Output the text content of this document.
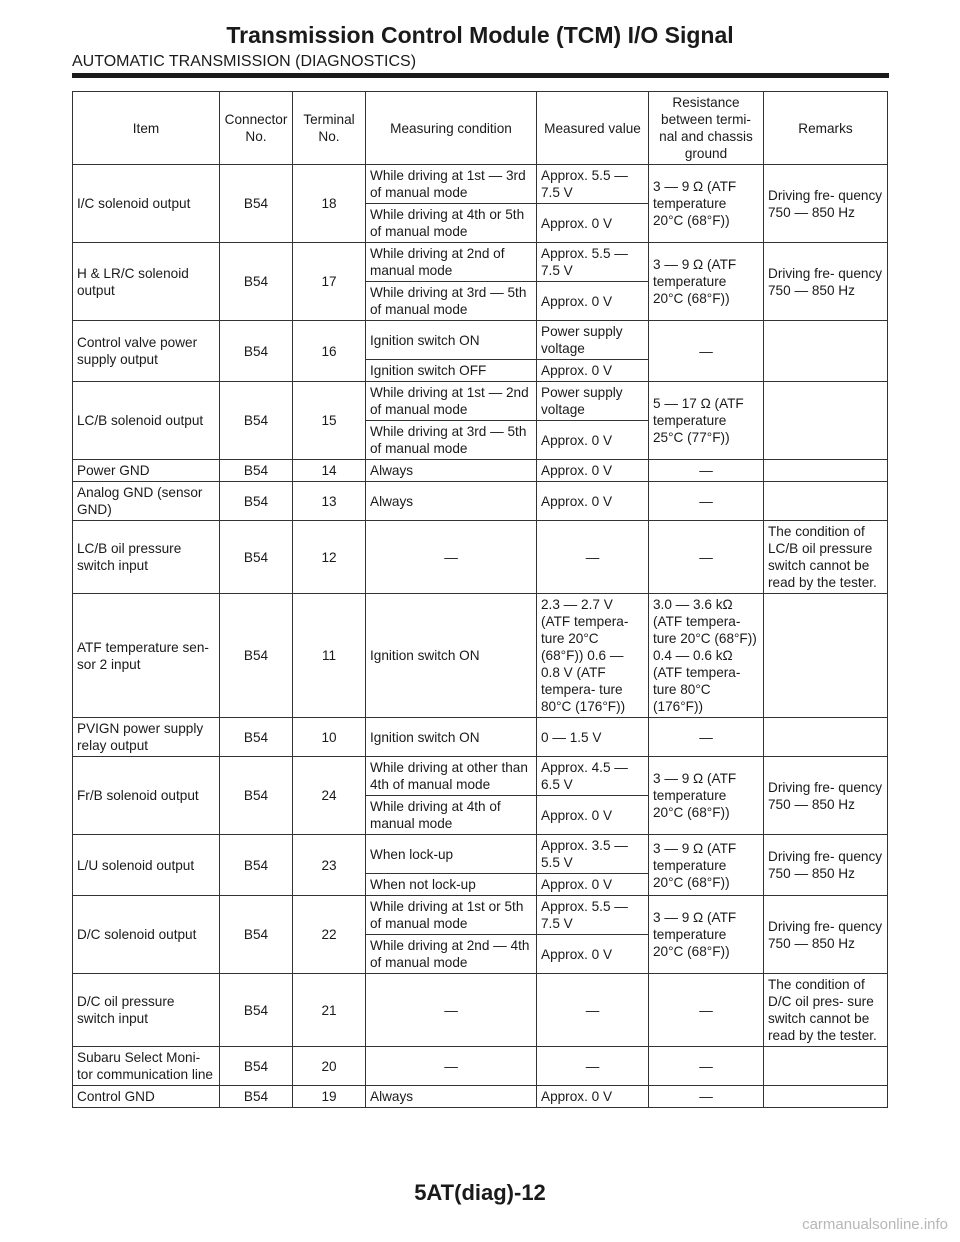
Transmission Control Module (TCM) I/O Signal
AUTOMATIC TRANSMISSION (DIAGNOSTICS)
Item	Connector No.	Terminal No.	Measuring condition	Measured value	Resistance between termi- nal and chassis ground	Remarks
I/C solenoid output	B54	18	While driving at 1st — 3rd of manual mode	Approx. 5.5 — 7.5 V	3 — 9 Ω (ATF temperature 20°C (68°F))	Driving fre- quency 750 — 850 Hz
			While driving at 4th or 5th of manual mode	Approx. 0 V		
H & LR/C solenoid output	B54	17	While driving at 2nd of manual mode	Approx. 5.5 — 7.5 V	3 — 9 Ω (ATF temperature 20°C (68°F))	Driving fre- quency 750 — 850 Hz
			While driving at 3rd — 5th of manual mode	Approx. 0 V		
Control valve power supply output	B54	16	Ignition switch ON	Power supply voltage	—	
			Ignition switch OFF	Approx. 0 V		
LC/B solenoid output	B54	15	While driving at 1st — 2nd of manual mode	Power supply voltage	5 — 17 Ω (ATF temperature 25°C (77°F))	
			While driving at 3rd — 5th of manual mode	Approx. 0 V		
Power GND	B54	14	Always	Approx. 0 V	—	
Analog GND (sensor GND)	B54	13	Always	Approx. 0 V	—	
LC/B oil pressure switch input	B54	12	—	—	—	The condition of LC/B oil pressure switch cannot be read by the tester.
ATF temperature sen- sor 2 input	B54	11	Ignition switch ON	2.3 — 2.7 V (ATF tempera- ture 20°C (68°F)) 0.6 — 0.8 V (ATF tempera- ture 80°C (176°F))	3.0 — 3.6 kΩ (ATF tempera- ture 20°C (68°F)) 0.4 — 0.6 kΩ (ATF tempera- ture 80°C (176°F))	
PVIGN power supply relay output	B54	10	Ignition switch ON	0 — 1.5 V	—	
Fr/B solenoid output	B54	24	While driving at other than 4th of manual mode	Approx. 4.5 — 6.5 V	3 — 9 Ω (ATF temperature 20°C (68°F))	Driving fre- quency 750 — 850 Hz
			While driving at 4th of manual mode	Approx. 0 V		
L/U solenoid output	B54	23	When lock-up	Approx. 3.5 — 5.5 V	3 — 9 Ω (ATF temperature 20°C (68°F))	Driving fre- quency 750 — 850 Hz
			When not lock-up	Approx. 0 V		
D/C solenoid output	B54	22	While driving at 1st or 5th of manual mode	Approx. 5.5 — 7.5 V	3 — 9 Ω (ATF temperature 20°C (68°F))	Driving fre- quency 750 — 850 Hz
			While driving at 2nd — 4th of manual mode	Approx. 0 V		
D/C oil pressure switch input	B54	21	—	—	—	The condition of D/C oil pres- sure switch cannot be read by the tester.
Subaru Select Moni- tor communication line	B54	20	—	—	—	
Control GND	B54	19	Always	Approx. 0 V	—	
5AT(diag)-12
carmanualsonline.info
